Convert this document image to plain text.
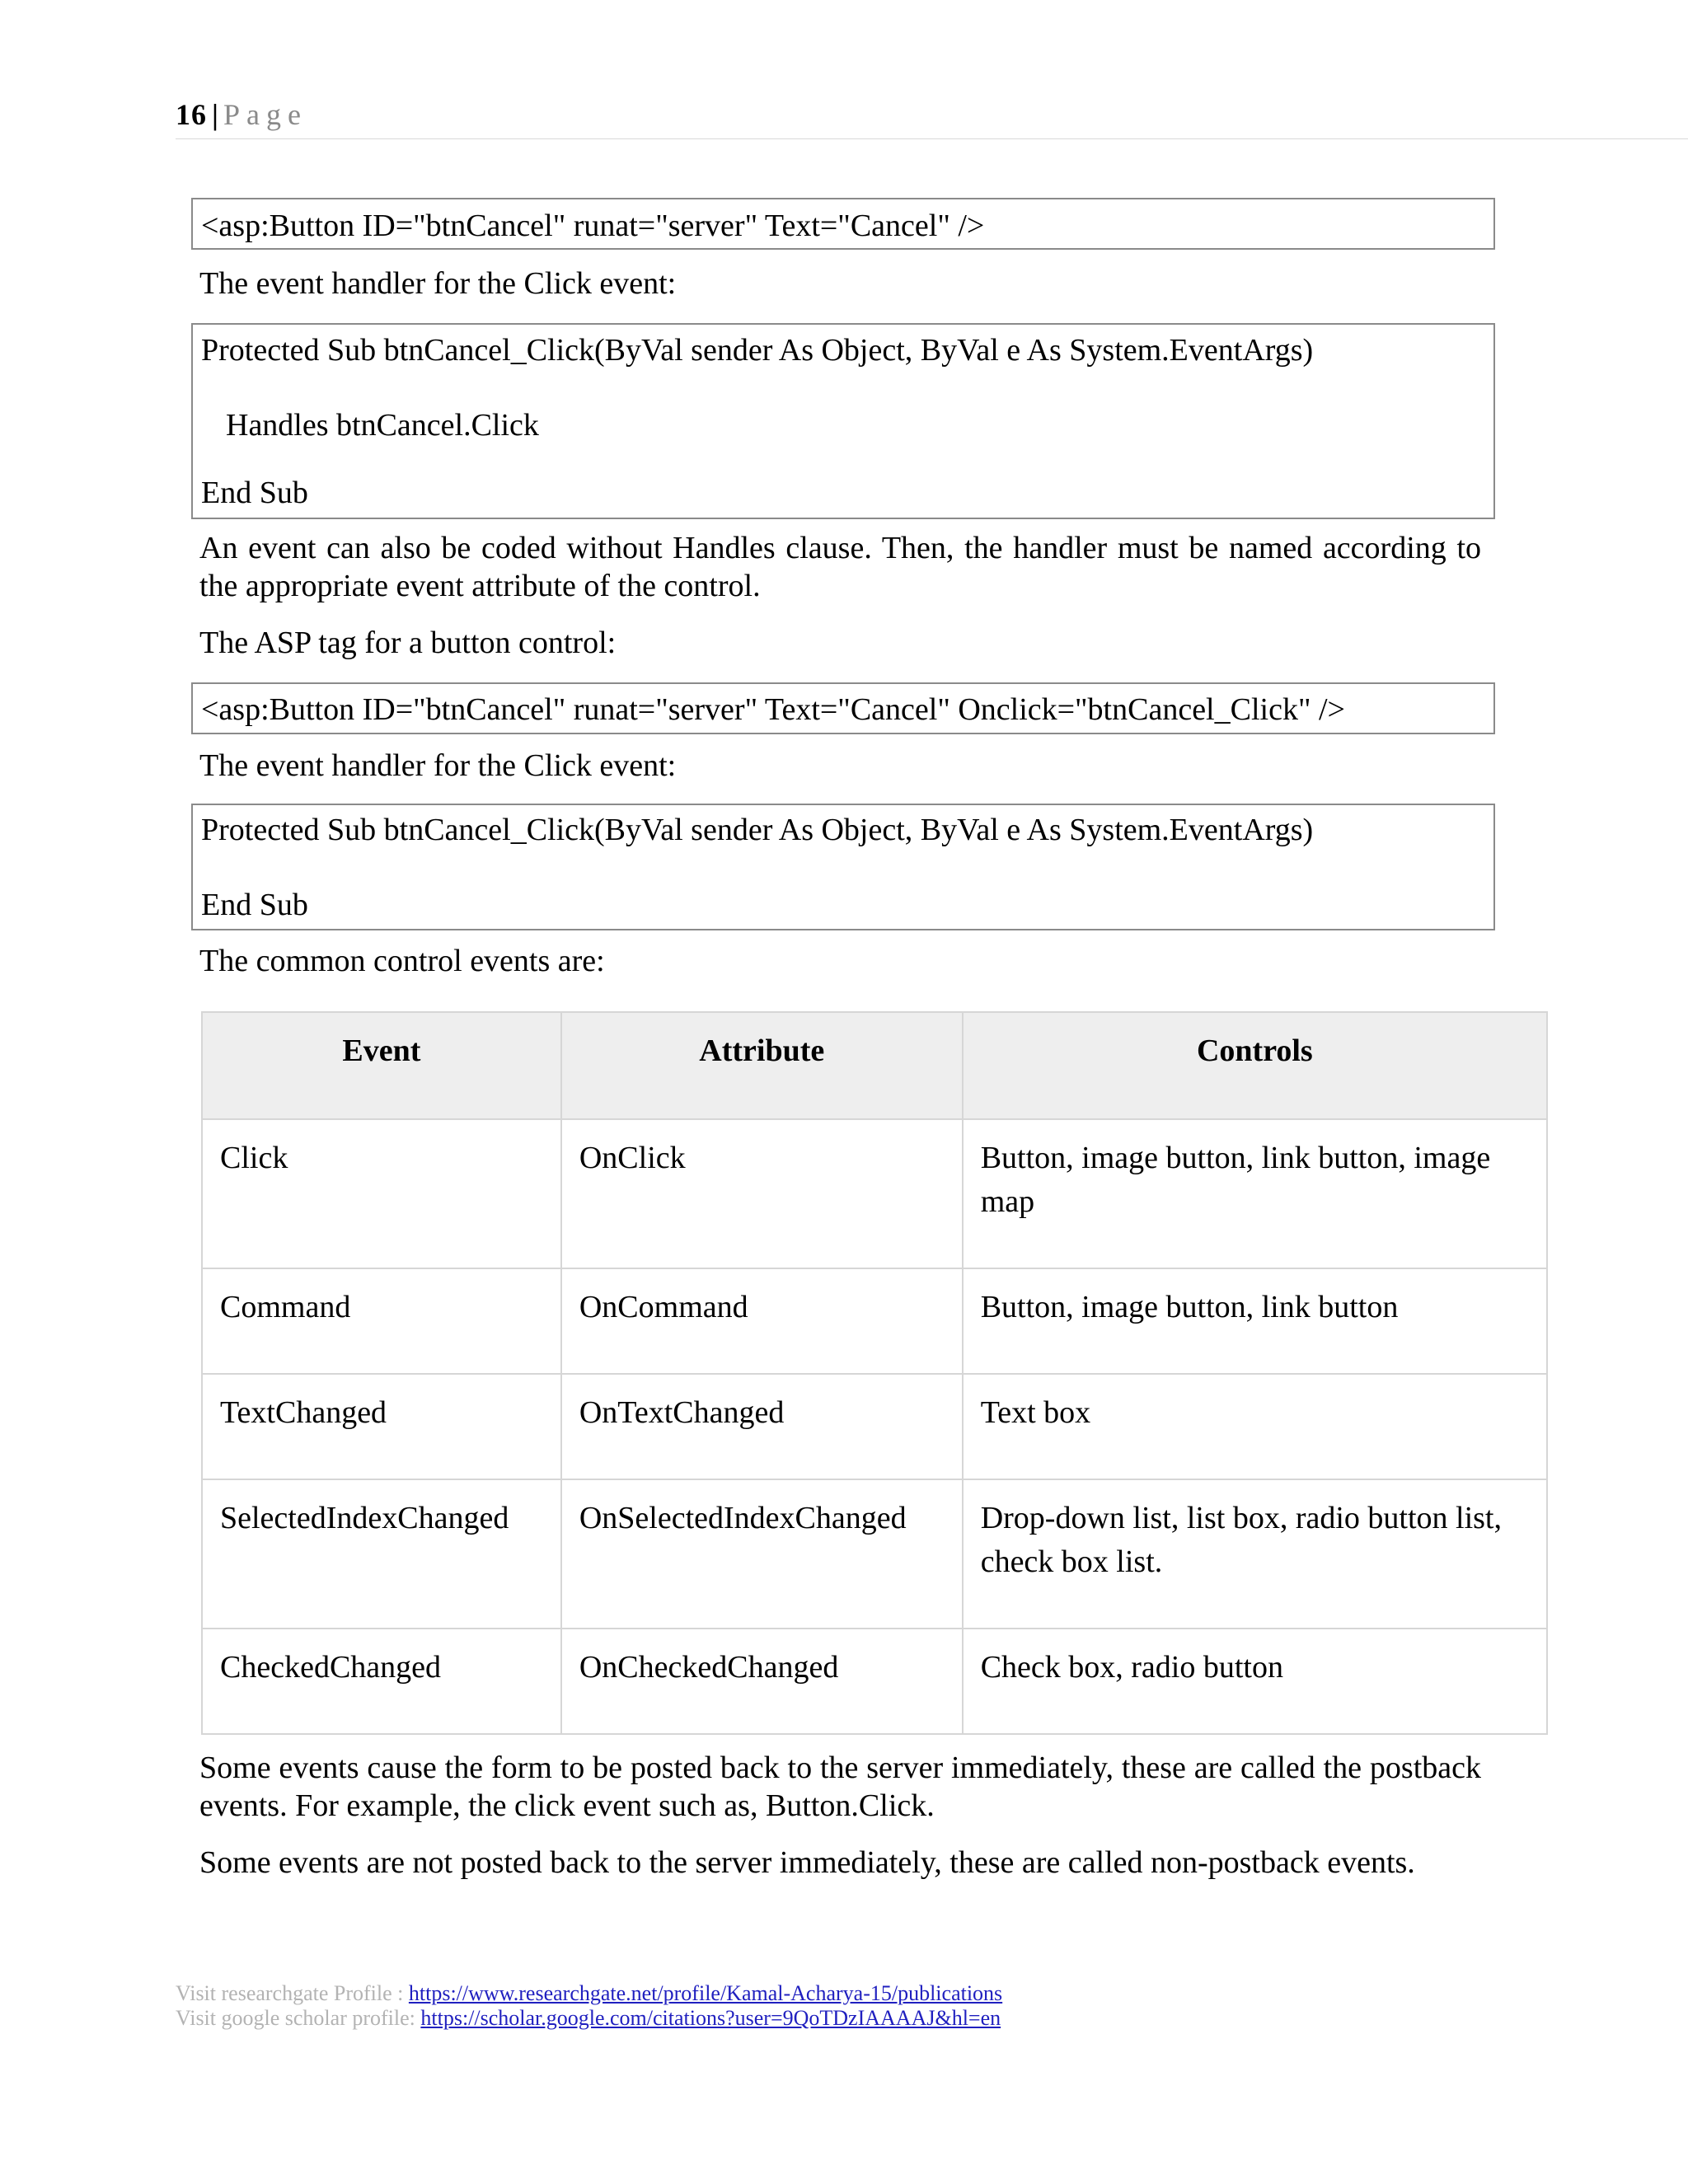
16 | Page
<asp:Button ID="btnCancel" runat="server" Text="Cancel" />
The event handler for the Click event:
Protected Sub btnCancel_Click(ByVal sender As Object, ByVal e As System.EventArgs)
Handles btnCancel.Click
End Sub
An event can also be coded without Handles clause. Then, the handler must be named according to the appropriate event attribute of the control.
The ASP tag for a button control:
<asp:Button ID="btnCancel" runat="server" Text="Cancel" Onclick="btnCancel_Click" />
The event handler for the Click event:
Protected Sub btnCancel_Click(ByVal sender As Object, ByVal e As System.EventArgs)
End Sub
The common control events are:
Event	Attribute	Controls
Click	OnClick	Button, image button, link button, image map
Command	OnCommand	Button, image button, link button
TextChanged	OnTextChanged	Text box
SelectedIndexChanged	OnSelectedIndexChanged	Drop-down list, list box, radio button list, check box list.
CheckedChanged	OnCheckedChanged	Check box, radio button
Some events cause the form to be posted back to the server immediately, these are called the postback events. For example, the click event such as, Button.Click.
Some events are not posted back to the server immediately, these are called non-postback events.
Visit researchgate Profile : https://www.researchgate.net/profile/Kamal-Acharya-15/publications
Visit google scholar profile: https://scholar.google.com/citations?user=9QoTDzIAAAAJ&hl=en
